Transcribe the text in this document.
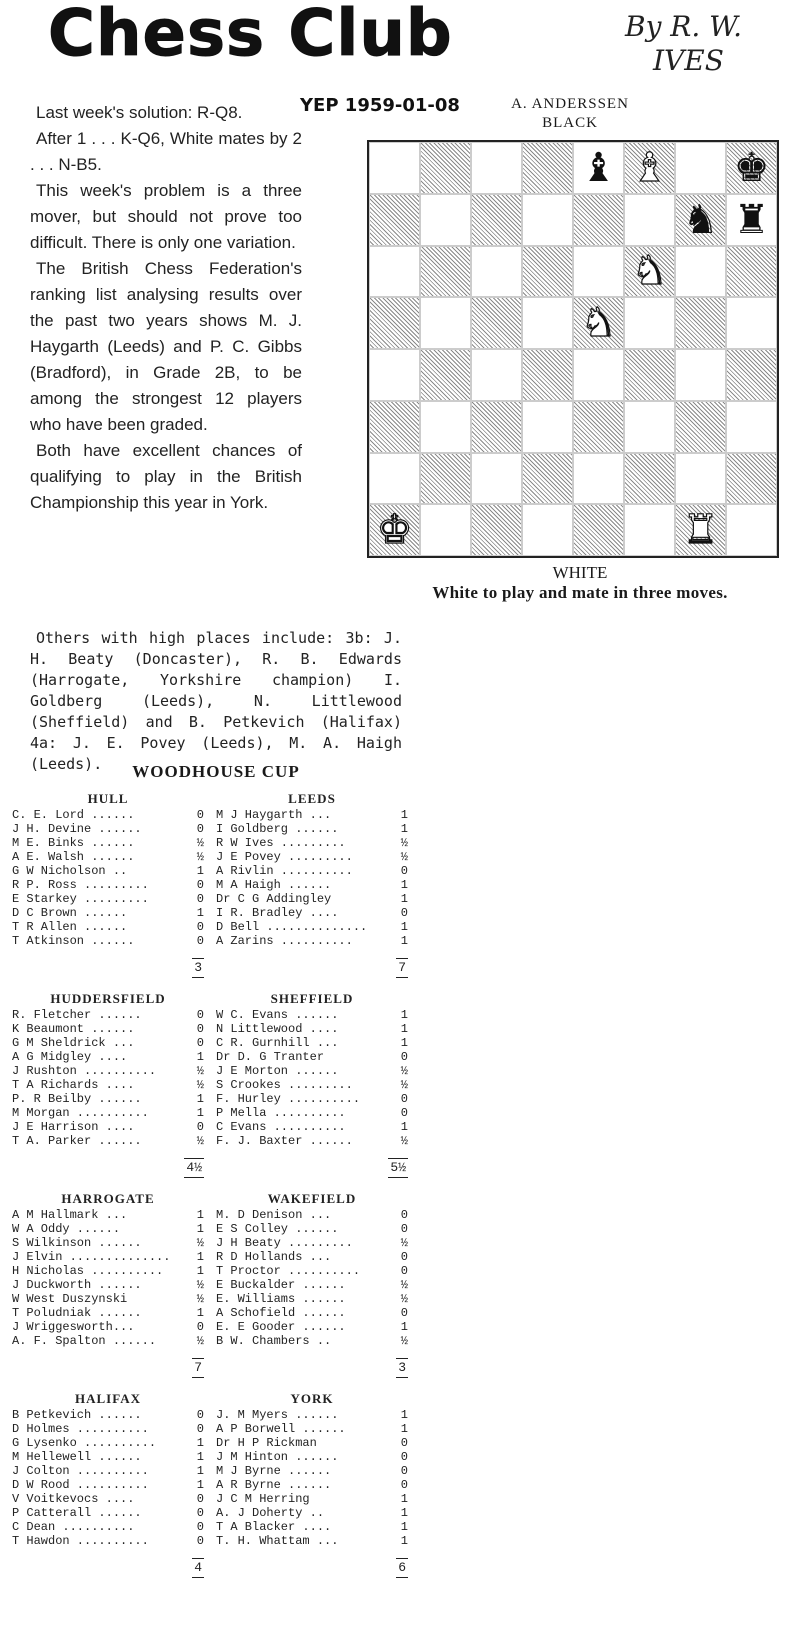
Chess Club	By R. W.
IVES
YEP 1959-01-08

Last week's solution: R-Q8.

After 1 . . . K-Q6, White mates by 2 . . . N-B5.

This week's problem is a three mover, but should not prove too difficult. There is only one variation.

The British Chess Federation's ranking list analysing results over the past two years shows M. J. Haygarth (Leeds) and P. C. Gibbs (Bradford), in Grade 2B, to be among the strongest 12 players who have been graded.

Both have excellent chances of qualifying to play in the British Championship this year in York.

Others with high places include: 3b: J. H. Beaty (Doncaster), R. B. Edwards (Harrogate, Yorkshire champion) I. Goldberg (Leeds), N. Littlewood (Sheffield) and B. Petkevich (Halifax) 4a: J. E. Povey (Leeds), M. A. Haigh (Leeds).

A. ANDERSSEN
BLACK
♝ ♝ ♚
♞ ♜
♞
♞
♚	♜
WHITE
White to play and mate in three moves.
WOODHOUSE CUP
HULL
C. E. Lord ......	0
J H. Devine ......	0
M E. Binks ......	½
A E. Walsh ......	½
G W Nicholson ..	1
R P. Ross .........	0
E Starkey .........	0
D C Brown ......	1
T R Allen ......	0
T Atkinson ......	0
3
LEEDS
M J Haygarth ...	1
I Goldberg ......	1
R W Ives .........	½
J E Povey .........	½
A Rivlin ..........	0
M A Haigh ......	1
Dr C G Addingley	1
I R. Bradley ....	0
D Bell ..............	1
A Zarins ..........	1
7
HUDDERSFIELD
R. Fletcher ......	0
K Beaumont ......	0
G M Sheldrick ...	0
A G Midgley ....	1
J Rushton ..........	½
T A Richards ....	½
P. R Beilby ......	1
M Morgan ..........	1
J E Harrison ....	0
T A. Parker ......	½
4½
SHEFFIELD
W C. Evans ......	1
N Littlewood ....	1
C R. Gurnhill ...	1
Dr D. G Tranter	0
J E Morton ......	½
S Crookes .........	½
F. Hurley ..........	0
P Mella ..........	0
C Evans ..........	1
F. J. Baxter ......	½
5½
HARROGATE
A M Hallmark ...	1
W A Oddy ......	1
S Wilkinson ......	½
J Elvin ..............	1
H Nicholas ..........	1
J Duckworth ......	½
W West Duszynski	½
T Poludniak ......	1
J Wriggesworth...	0
A. F. Spalton ......	½
7
WAKEFIELD
M. D Denison ...	0
E S Colley ......	0
J H Beaty .........	½
R D Hollands ...	0
T Proctor ..........	0
E Buckalder ......	½
E. Williams ......	½
A Schofield ......	0
E. E Gooder ......	1
B W. Chambers ..	½
3
HALIFAX
B Petkevich ......	0
D Holmes ..........	0
G Lysenko ..........	1
M Hellewell ......	1
J Colton ..........	1
D W Rood ..........	1
V Voitkevocs ....	0
P Catterall ......	0
C Dean ..........	0
T Hawdon ..........	0
4
YORK
J. M Myers ......	1
A P Borwell ......	1
Dr H P Rickman	0
J M Hinton ......	0
M J Byrne ......	0
A R Byrne ......	0
J C M Herring	1
A. J Doherty ..	1
T A Blacker ....	1
T. H. Whattam ...	1
6
